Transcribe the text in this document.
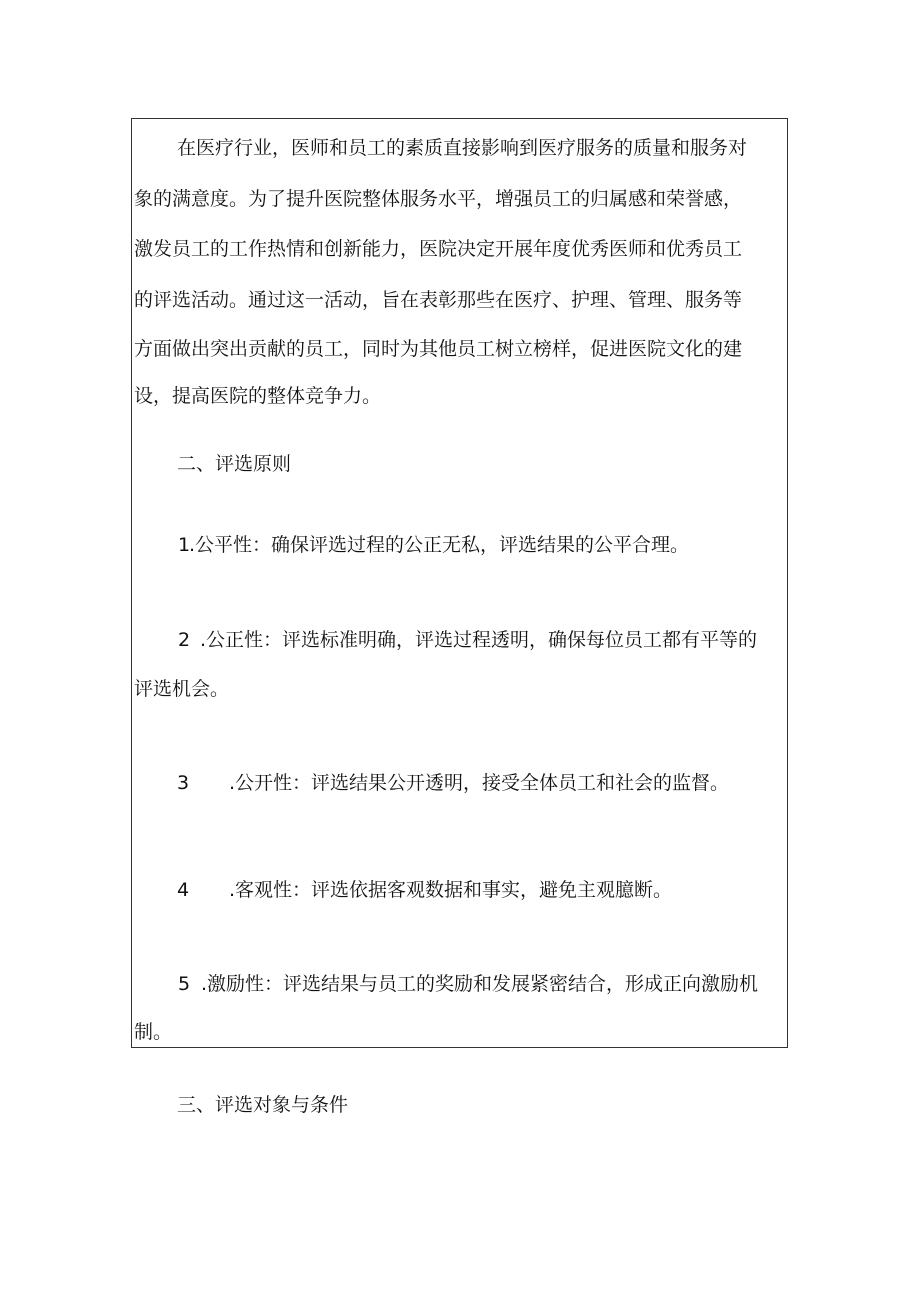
在医疗行业，医师和员工的素质直接影响到医疗服务的质量和服务对
象的满意度。为了提升医院整体服务水平，增强员工的归属感和荣誉感，
激发员工的工作热情和创新能力，医院决定开展年度优秀医师和优秀员工
的评选活动。通过这一活动，旨在表彰那些在医疗、护理、管理、服务等
方面做出突出贡献的员工，同时为其他员工树立榜样，促进医院文化的建
设，提高医院的整体竞争力。
二、评选原则
1
.公平性：确保评选过程的公正无私，评选结果的公平合理。
2 .公正性：评选标准明确，评选过程透明，确保每位员工都有平等的
评选机会。
3 .公开性：评选结果公开透明，接受全体员工和社会的监督。
4 .客观性：评选依据客观数据和事实，避免主观臆断。
5 .激励性：评选结果与员工的奖励和发展紧密结合，形成正向激励机
制。
三、评选对象与条件
